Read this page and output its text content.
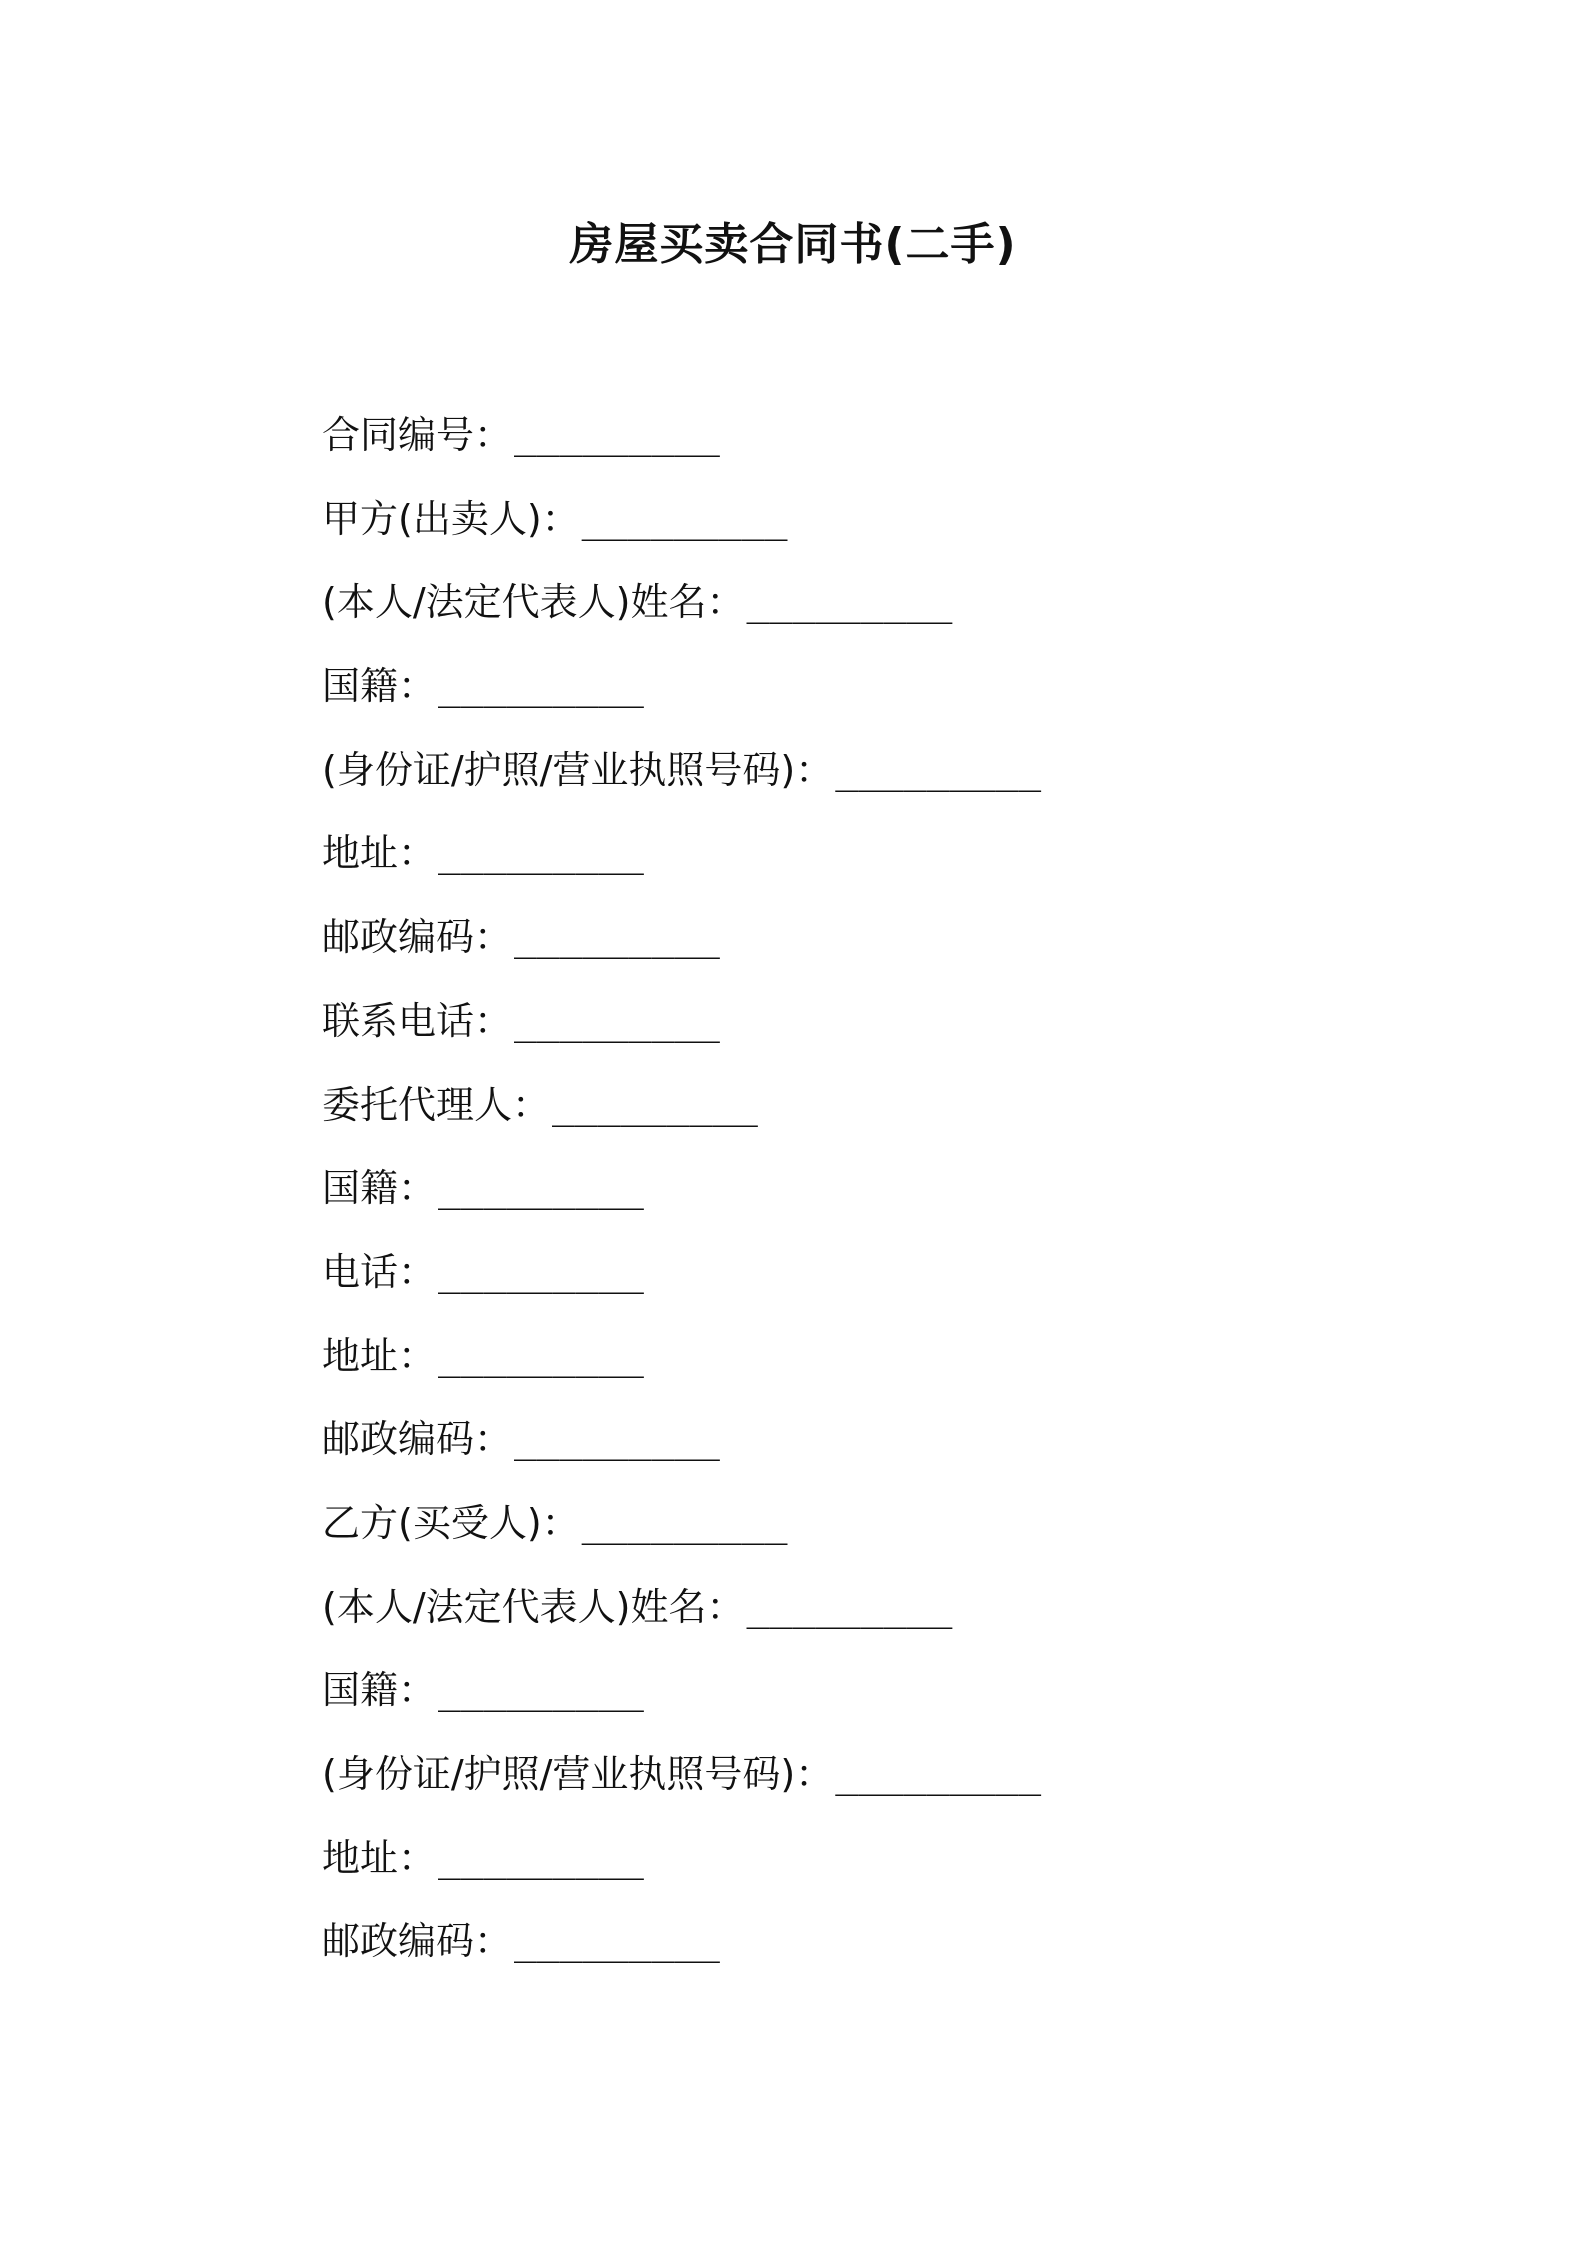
房屋买卖合同书(二手)
合同编号： _________
甲方(出卖人)： _________
(本人/法定代表人)姓名： _________
国籍： _________
(身份证/护照/营业执照号码)： _________
地址： _________
邮政编码： _________
联系电话： _________
委托代理人： _________
国籍： _________
电话： _________
地址： _________
邮政编码： _________
乙方(买受人)： _________
(本人/法定代表人)姓名： _________
国籍： _________
(身份证/护照/营业执照号码)： _________
地址： _________
邮政编码： _________
